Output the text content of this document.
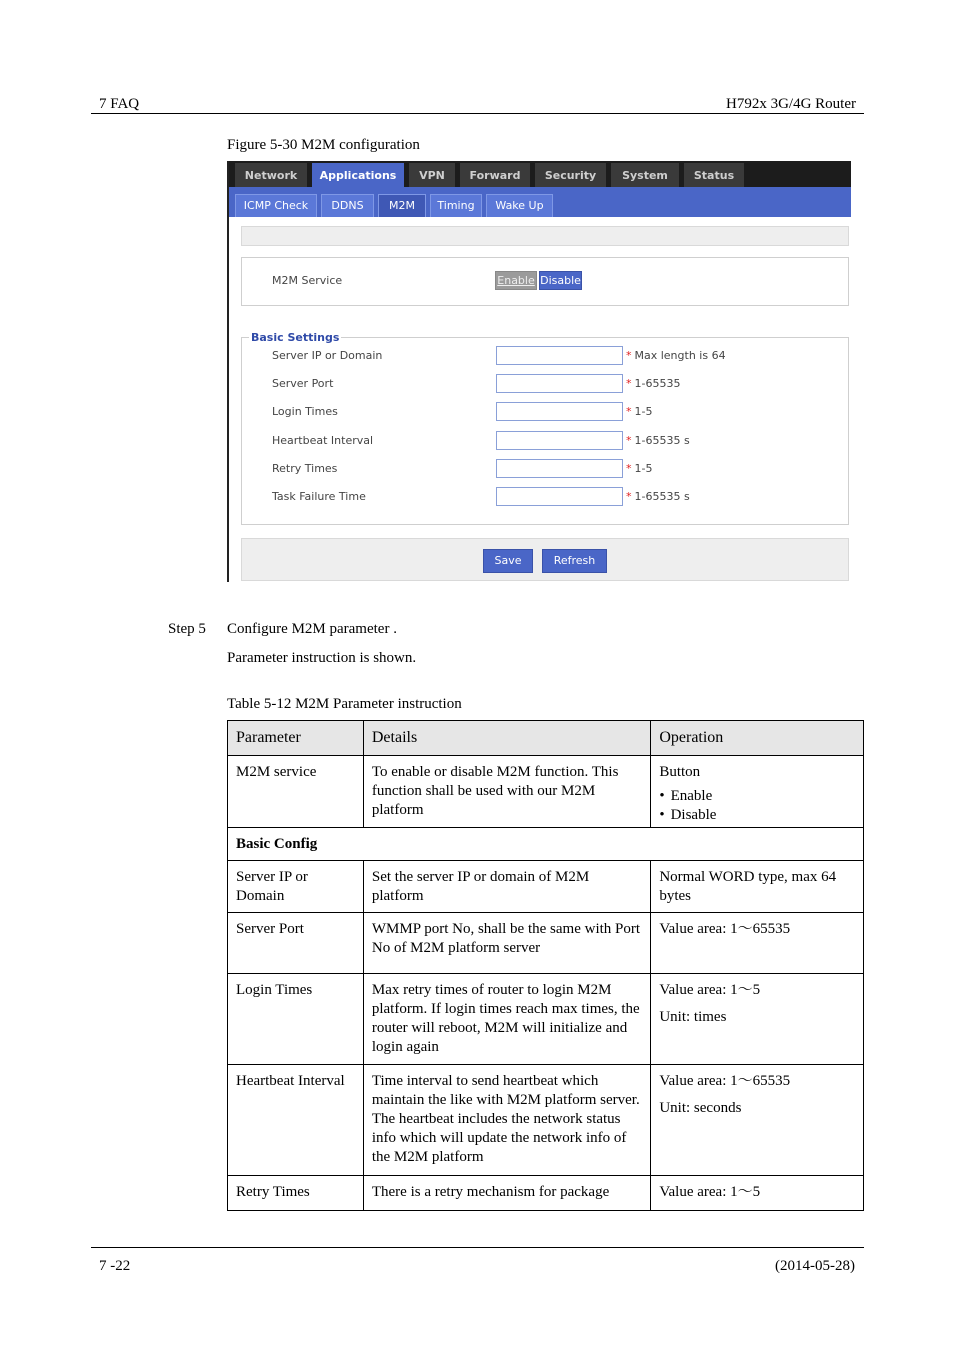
7 FAQ	H792x 3G/4G Router
Figure 5-30 M2M configuration
Network	Applications	VPN	Forward	Security	System	Status
ICMP Check	DDNS	M2M	Timing	Wake Up
M2M Service	Enable Disable
Basic Settings
Server IP or Domain	* Max length is 64
Server Port	* 1-65535
Login Times	* 1-5
Heartbeat Interval	* 1-65535 s
Retry Times	* 1-5
Task Failure Time	* 1-65535 s
Save	Refresh
Step 5 Configure M2M parameter .
Parameter instruction is shown.
Table 5-12 M2M Parameter instruction
Parameter	Details	Operation
M2M service	To enable or disable M2M function. This function shall be used with our M2M platform	Button
• Enable
• Disable

Basic Config		
Server IP or Domain	Set the server IP or domain of M2M platform	Normal WORD type, max 64 bytes

Server Port	WMMP port No, shall be the same with Port No of M2M platform server	Value area: 1～65535

Login Times	Max retry times of router to login M2M platform. If login times reach max times, the router will reboot, M2M will initialize and login again	Value area: 1～5
Unit: times

Heartbeat Interval	Time interval to send heartbeat which maintain the like with M2M platform server. The heartbeat includes the network status info which will update the network info of the M2M platform	Value area: 1～65535
Unit: seconds

Retry Times	There is a retry mechanism for package	Value area: 1～5
7 -22	(2014-05-28)
